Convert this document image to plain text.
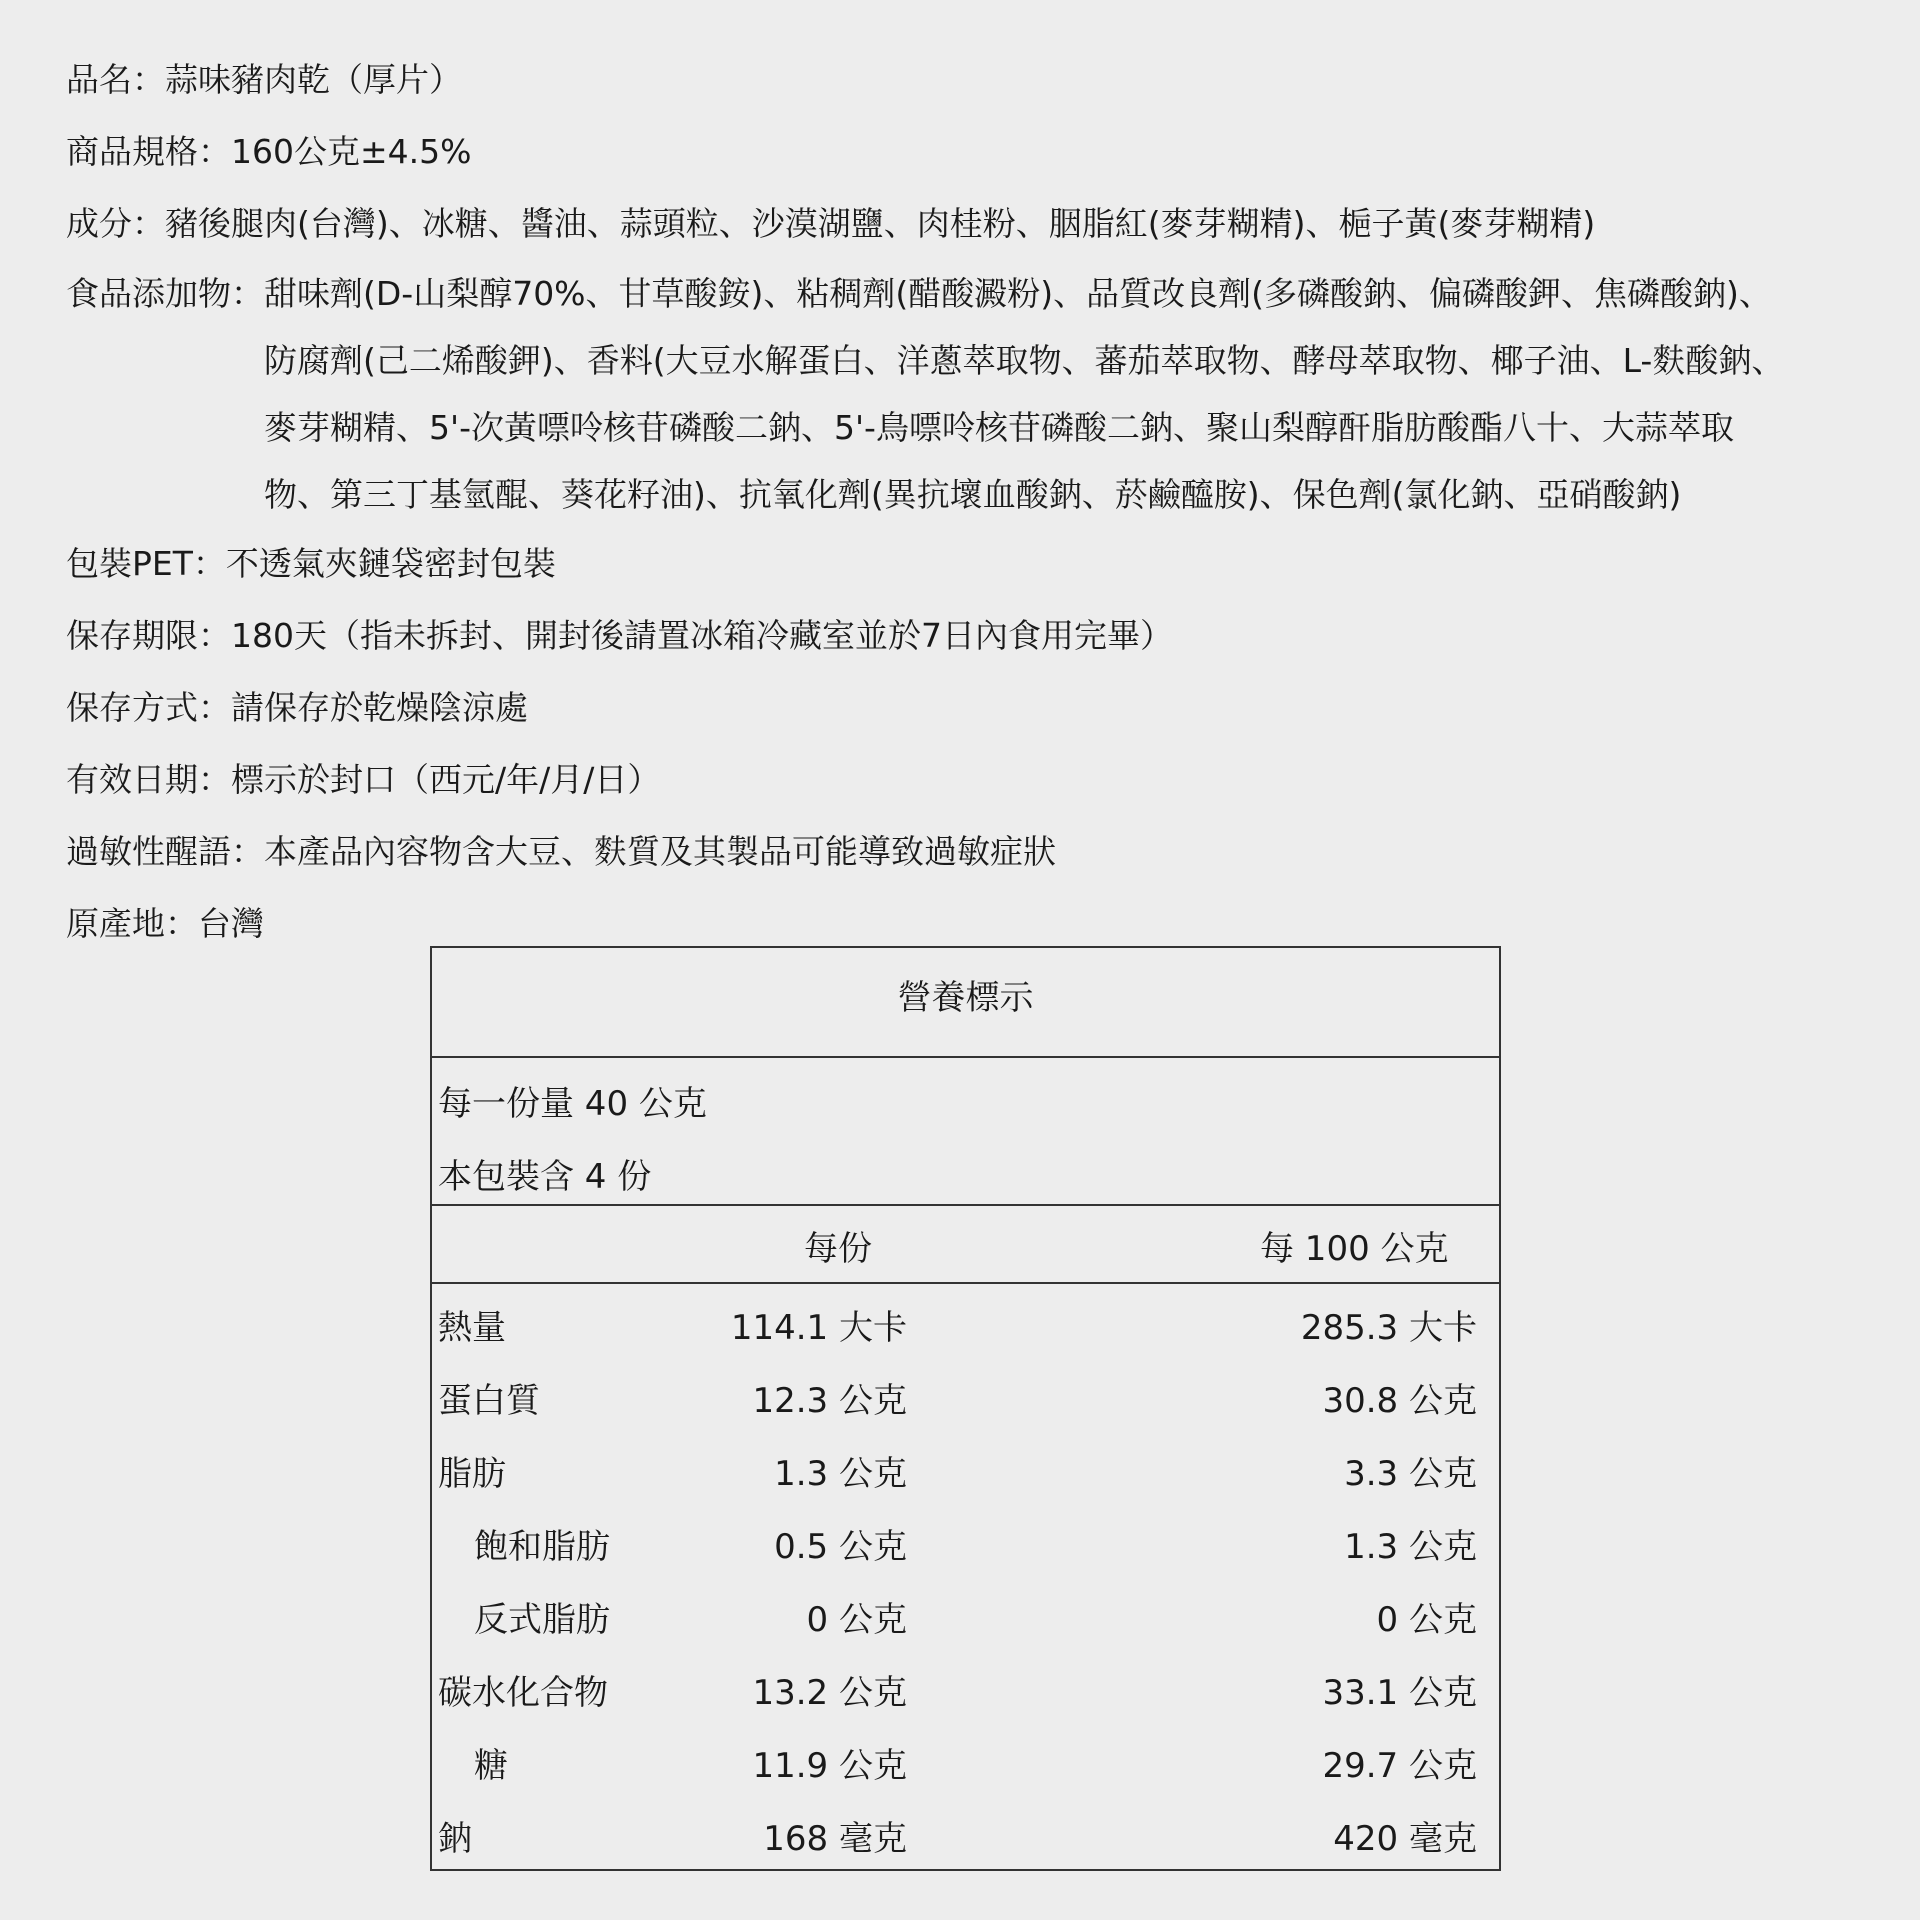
品名： 蒜味豬肉乾（厚片）
商品規格： 160公克±4.5%
成分： 豬後腿肉(台灣)、冰糖、醬油、蒜頭粒、沙漠湖鹽、肉桂粉、胭脂紅(麥芽糊精)、梔子黃(麥芽糊精)
食品添加物： 甜味劑(D-山梨醇70%、甘草酸銨)、粘稠劑(醋酸澱粉)、品質改良劑(多磷酸鈉、偏磷酸鉀、焦磷酸鈉)、
防腐劑(己二烯酸鉀)、香料(大豆水解蛋白、洋蔥萃取物、蕃茄萃取物、酵母萃取物、椰子油、L-麩酸鈉、
麥芽糊精、5'-次黃嘌呤核苷磷酸二鈉、5'-鳥嘌呤核苷磷酸二鈉、聚山梨醇酐脂肪酸酯八十、大蒜萃取
物、第三丁基氫醌、葵花籽油)、抗氧化劑(異抗壞血酸鈉、菸鹼醯胺)、保色劑(氯化鈉、亞硝酸鈉)
包裝PET： 不透氣夾鏈袋密封包裝
保存期限： 180天（指未拆封、開封後請置冰箱冷藏室並於7日內食用完畢）
保存方式： 請保存於乾燥陰涼處
有效日期： 標示於封口（西元/年/月/日）
過敏性醒語： 本產品內容物含大豆、麩質及其製品可能導致過敏症狀
原產地： 台灣
營養標示
每一份量 40 公克
本包裝含 4 份
每份	每 100 公克
熱量	114.1 大卡	285.3 大卡
蛋白質	12.3 公克	30.8 公克
脂肪	1.3 公克	3.3 公克
飽和脂肪	0.5 公克	1.3 公克
反式脂肪	0 公克	0 公克
碳水化合物	13.2 公克	33.1 公克
糖	11.9 公克	29.7 公克
鈉	168 毫克	420 毫克
